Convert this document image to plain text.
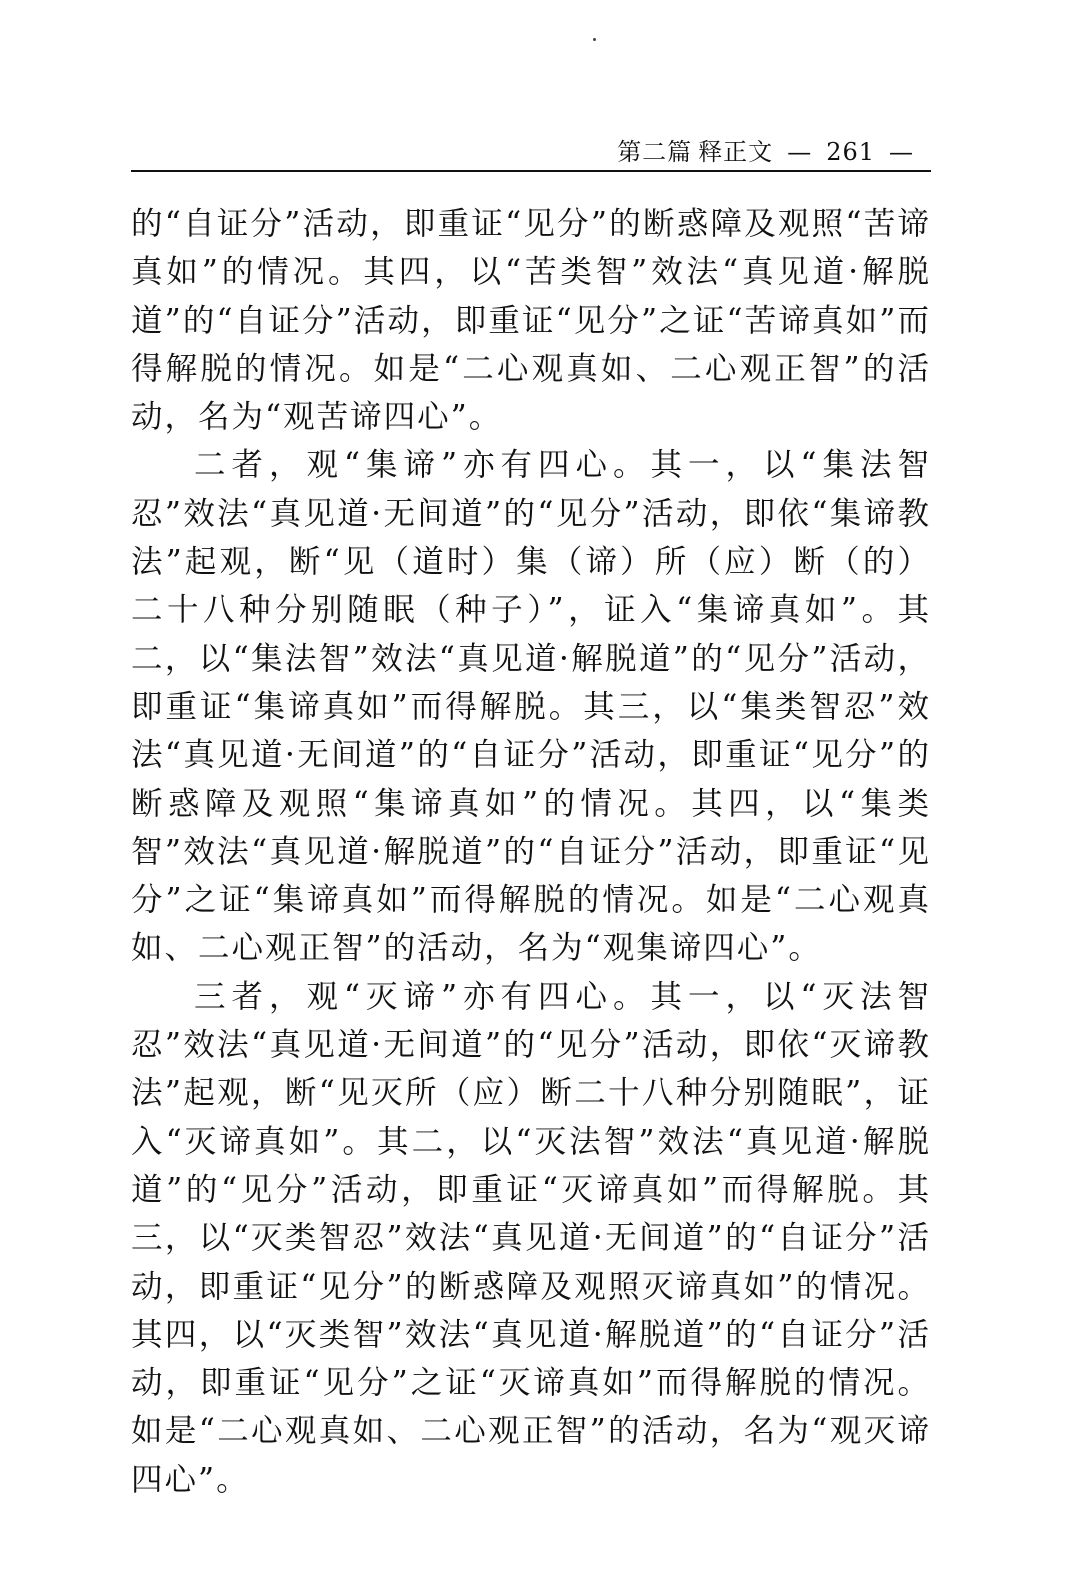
第二篇 释正文 — 261 —

的“自证分”活动，即重证“见分”的断惑障及观照“苦谛真如”的情况。其四，以“苦类智”效法“真见道·解脱道”的“自证分”活动，即重证“见分”之证“苦谛真如”而得解脱的情况。如是“二心观真如、二心观正智”的活动，名为“观苦谛四心”。

二者，观“集谛”亦有四心。其一，以“集法智忍”效法“真见道·无间道”的“见分”活动，即依“集谛教法”起观，断“见（道时）集（谛）所（应）断（的）二十八种分别随眠（种子）”，证入“集谛真如”。其二，以“集法智”效法“真见道·解脱道”的“见分”活动，即重证“集谛真如”而得解脱。其三，以“集类智忍”效法“真见道·无间道”的“自证分”活动，即重证“见分”的断惑障及观照“集谛真如”的情况。其四，以“集类智”效法“真见道·解脱道”的“自证分”活动，即重证“见分”之证“集谛真如”而得解脱的情况。如是“二心观真如、二心观正智”的活动，名为“观集谛四心”。

三者，观“灭谛”亦有四心。其一，以“灭法智忍”效法“真见道·无间道”的“见分”活动，即依“灭谛教法”起观，断“见灭所（应）断二十八种分别随眠”，证入“灭谛真如”。其二，以“灭法智”效法“真见道·解脱道”的“见分”活动，即重证“灭谛真如”而得解脱。其三，以“灭类智忍”效法“真见道·无间道”的“自证分”活动，即重证“见分”的断惑障及观照灭谛真如”的情况。其四，以“灭类智”效法“真见道·解脱道”的“自证分”活动，即重证“见分”之证“灭谛真如”而得解脱的情况。如是“二心观真如、二心观正智”的活动，名为“观灭谛四心”。
